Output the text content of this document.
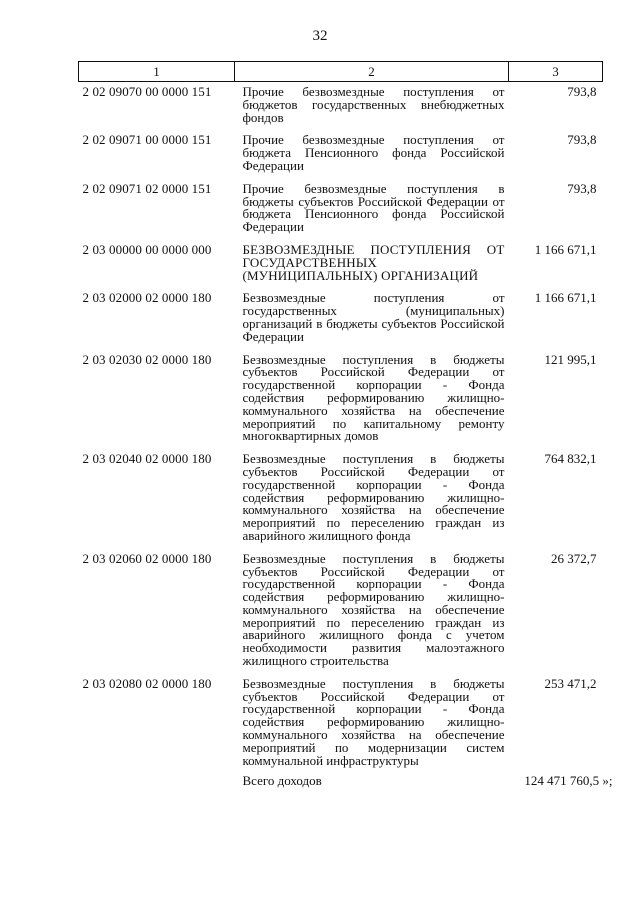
32
1	2	3
2 02 09070 00 0000 151	Прочие безвозмездные поступления от бюджетов государственных внебюджетных фондов	793,8
2 02 09071 00 0000 151	Прочие безвозмездные поступления от бюджета Пенсионного фонда Российской Федерации	793,8
2 02 09071 02 0000 151	Прочие безвозмездные поступления в бюджеты субъектов Российской Федерации от бюджета Пенсионного фонда Российской Федерации	793,8
2 03 00000 00 0000 000	БЕЗВОЗМЕЗДНЫЕ ПОСТУПЛЕНИЯ ОТ ГОСУДАРСТВЕННЫХ (МУНИЦИПАЛЬНЫХ) ОРГАНИЗАЦИЙ	1 166 671,1
2 03 02000 02 0000 180	Безвозмездные поступления от государственных (муниципальных) организаций в бюджеты субъектов Российской Федерации	1 166 671,1
2 03 02030 02 0000 180	Безвозмездные поступления в бюджеты субъектов Российской Федерации от государственной корпорации - Фонда содействия реформированию жилищно-коммунального хозяйства на обеспечение мероприятий по капитальному ремонту многоквартирных домов	121 995,1
2 03 02040 02 0000 180	Безвозмездные поступления в бюджеты субъектов Российской Федерации от государственной корпорации - Фонда содействия реформированию жилищно-коммунального хозяйства на обеспечение мероприятий по переселению граждан из аварийного жилищного фонда	764 832,1
2 03 02060 02 0000 180	Безвозмездные поступления в бюджеты субъектов Российской Федерации от государственной корпорации - Фонда содействия реформированию жилищно-коммунального хозяйства на обеспечение мероприятий по переселению граждан из аварийного жилищного фонда с учетом необходимости развития малоэтажного жилищного строительства	26 372,7
2 03 02080 02 0000 180	Безвозмездные поступления в бюджеты субъектов Российской Федерации от государственной корпорации - Фонда содействия реформированию жилищно-коммунального хозяйства на обеспечение мероприятий по модернизации систем коммунальной инфраструктуры	253 471,2
	Всего доходов	124 471 760,5 »;
